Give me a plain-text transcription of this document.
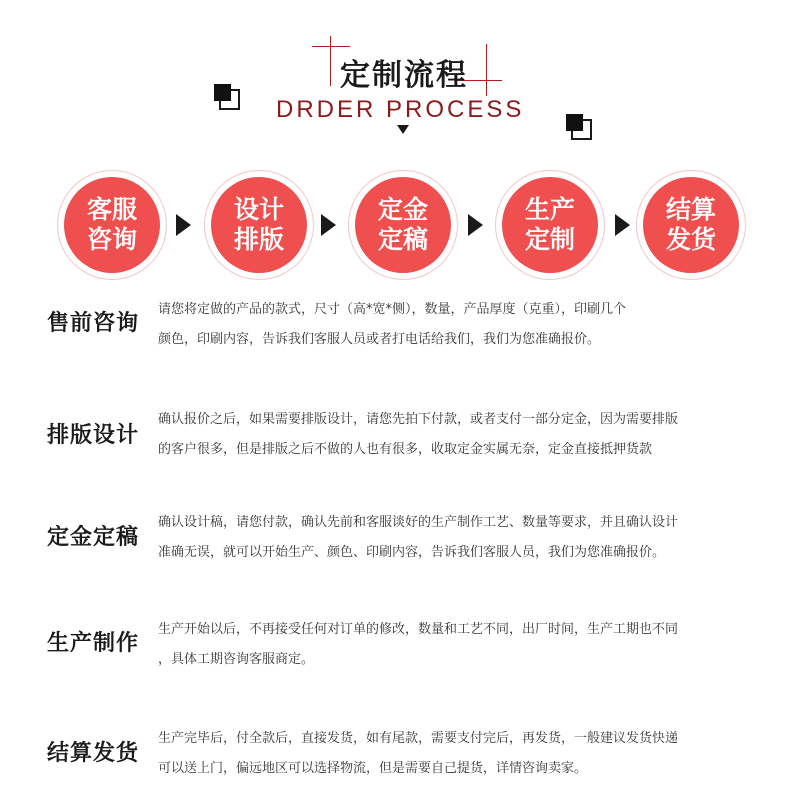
定制流程
DRDER PROCESS
客服咨询
设计排版
定金定稿
生产定制
结算发货
售前咨询
请您将定做的产品的款式，尺寸（高*宽*侧），数量，产品厚度（克重），印刷几个
颜色，印刷内容，告诉我们客服人员或者打电话给我们，我们为您准确报价。
排版设计
确认报价之后，如果需要排版设计，请您先拍下付款，或者支付一部分定金，因为需要排版
的客户很多，但是排版之后不做的人也有很多，收取定金实属无奈，定金直接抵押货款
定金定稿
确认设计稿，请您付款，确认先前和客服谈好的生产制作工艺、数量等要求，并且确认设计
准确无误，就可以开始生产、颜色、印刷内容，告诉我们客服人员，我们为您准确报价。
生产制作
生产开始以后，不再接受任何对订单的修改，数量和工艺不同，出厂时间，生产工期也不同
，具体工期咨询客服商定。
结算发货
生产完毕后，付全款后，直接发货，如有尾款，需要支付完后，再发货，一般建议发货快递
可以送上门，偏远地区可以选择物流，但是需要自己提货，详情咨询卖家。
